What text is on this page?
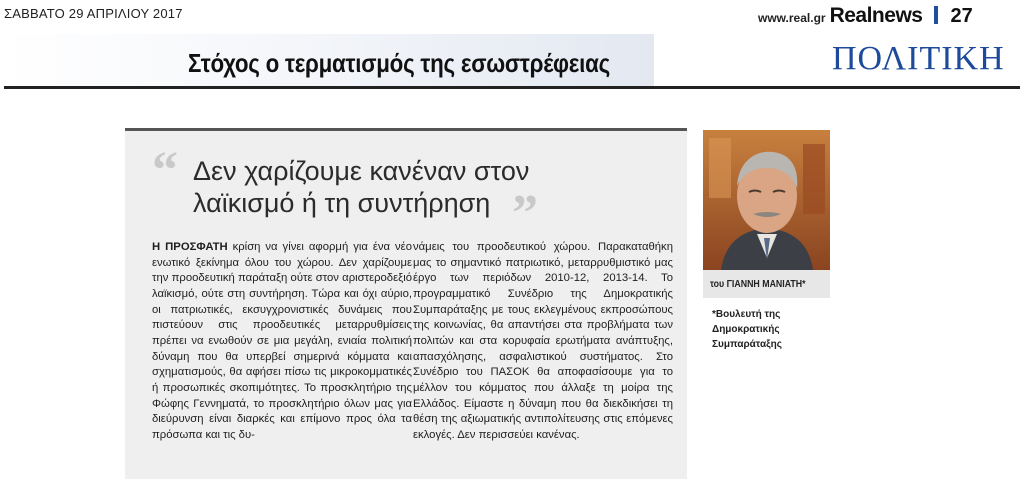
ΣΑΒΒΑΤΟ 29 ΑΠΡΙΛΙΟΥ 2017	www.real.gr Realnews 27
Στόχος ο τερματισμός της εσωστρέφειας	ΠΟΛΙΤΙΚΗ
“ Δεν χαρίζουμε κανέναν στον λαϊκισμό ή τη συντήρηση ”
Η ΠΡΟΣΦΑΤΗ κρίση να γίνει αφορμή για ένα νέο ενωτικό ξεκίνημα όλου του χώρου. Δεν χαρίζουμε την προοδευτική παράταξη ούτε στον αριστεροδεξιό λαϊκισμό, ούτε στη συντήρηση. Τώρα και όχι αύριο, οι πατριωτικές, εκσυγχρονιστικές δυνάμεις που πιστεύουν στις προοδευτικές μεταρρυθμίσεις πρέπει να ενωθούν σε μια μεγάλη, ενιαία πολιτική δύναμη που θα υπερβεί σημερινά κόμματα και σχηματισμούς, θα αφήσει πίσω τις μικροκομματικές ή προσωπικές σκοπιμότητες. Το προσκλητήριο της Φώφης Γεννηματά, το προσκλητήριο όλων μας για διεύρυνση είναι διαρκές και επίμονο προς όλα τα πρόσωπα και τις δυ-
νάμεις του προοδευτικού χώρου. Παρακαταθήκη μας το σημαντικό πατριωτικό, μεταρρυθμιστικό μας έργο των περιόδων 2010-12, 2013-14. Το προγραμματικό Συνέδριο της Δημοκρατικής Συμπαράταξης με τους εκλεγμένους εκπροσώπους της κοινωνίας, θα απαντήσει στα προβλήματα των πολιτών και στα κορυφαία ερωτήματα ανάπτυξης, απασχόλησης, ασφαλιστικού συστήματος. Στο Συνέδριο του ΠΑΣΟΚ θα αποφασίσουμε για το μέλλον του κόμματος που άλλαξε τη μοίρα της Ελλάδος. Είμαστε η δύναμη που θα διεκδικήσει τη θέση της αξιωματικής αντιπολίτευσης στις επόμενες εκλογές. Δεν περισσεύει κανένας.
του ΓΙΑΝΝΗ ΜΑΝΙΑΤΗ*
*Βουλευτή της Δημοκρατικής Συμπαράταξης
